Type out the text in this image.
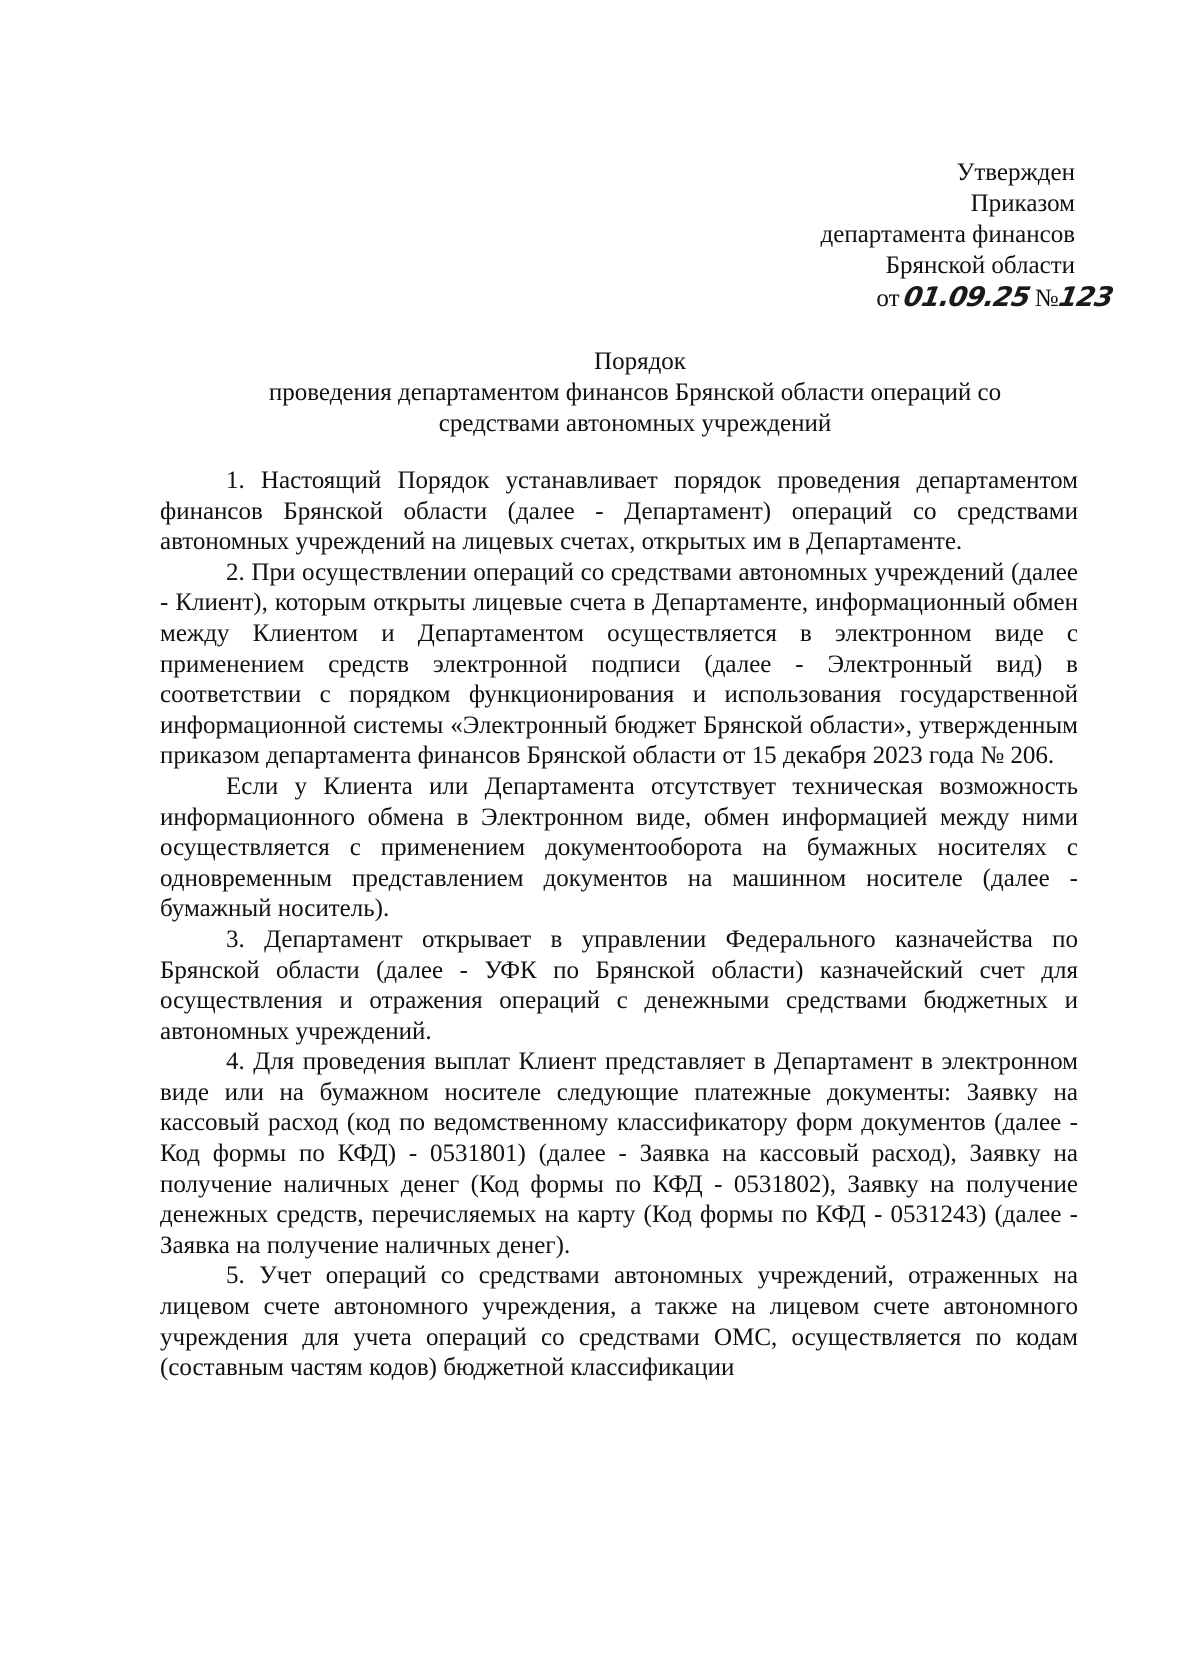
Утвержден
Приказом
департамента финансов
Брянской области
от01.09.25 №123
Порядок
проведения департаментом финансов Брянской области операций со
средствами автономных учреждений

1. Настоящий Порядок устанавливает порядок проведения департаментом финансов Брянской области (далее - Департамент) операций со средствами автономных учреждений на лицевых счетах, открытых им в Департаменте.

2. При осуществлении операций со средствами автономных учреждений (далее - Клиент), которым открыты лицевые счета в Департаменте, информационный обмен между Клиентом и Департаментом осуществляется в электронном виде с применением средств электронной подписи (далее - Электронный вид) в соответствии с порядком функционирования и использования государственной информационной системы «Электронный бюджет Брянской области», утвержденным приказом департамента финансов Брянской области от 15 декабря 2023 года № 206.

Если у Клиента или Департамента отсутствует техническая возможность информационного обмена в Электронном виде, обмен информацией между ними осуществляется с применением документооборота на бумажных носителях с одновременным представлением документов на машинном носителе (далее - бумажный носитель).

3. Департамент открывает в управлении Федерального казначейства по Брянской области (далее - УФК по Брянской области) казначейский счет для осуществления и отражения операций с денежными средствами бюджетных и автономных учреждений.

4. Для проведения выплат Клиент представляет в Департамент в электронном виде или на бумажном носителе следующие платежные документы: Заявку на кассовый расход (код по ведомственному классификатору форм документов (далее - Код формы по КФД) - 0531801) (далее - Заявка на кассовый расход), Заявку на получение наличных денег (Код формы по КФД - 0531802), Заявку на получение денежных средств, перечисляемых на карту (Код формы по КФД - 0531243) (далее - Заявка на получение наличных денег).

5. Учет операций со средствами автономных учреждений, отраженных на лицевом счете автономного учреждения, а также на лицевом счете автономного учреждения для учета операций со средствами ОМС, осуществляется по кодам (составным частям кодов) бюджетной классификации
